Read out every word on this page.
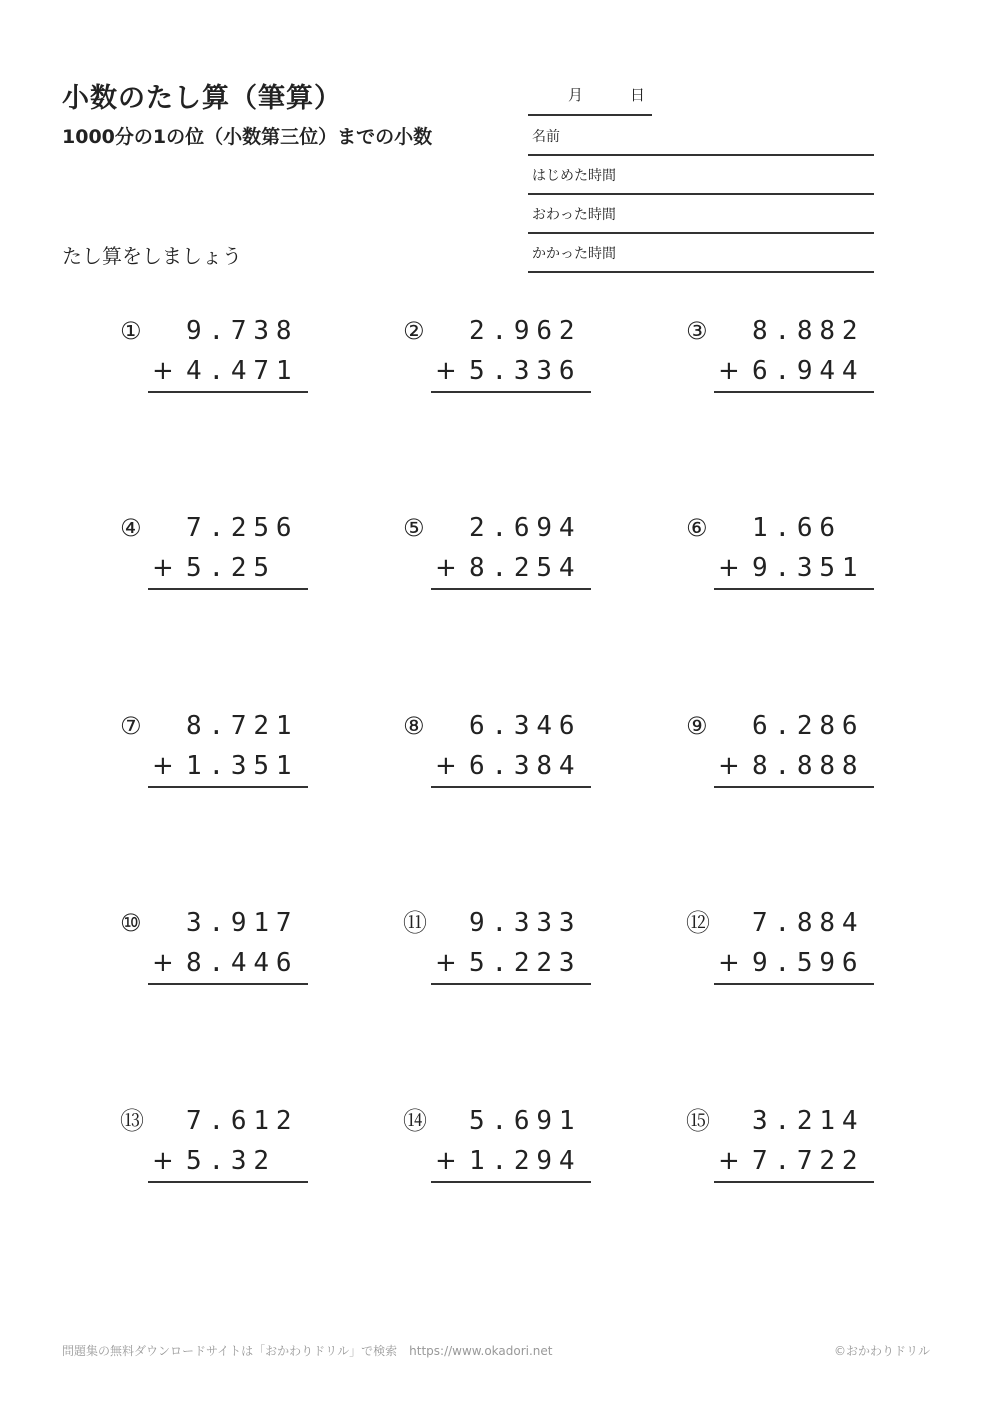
小数のたし算（筆算）
1000分の1の位（小数第三位）までの小数
たし算をしましょう
月	日
名前
はじめた時間
おわった時間
かかった時間
① 9.738
+ 4.471
② 2.962
+ 5.336
③ 8.882
+ 6.944
④ 7.256
+ 5.25
⑤ 2.694
+ 8.254
⑥ 1.66
+ 9.351
⑦ 8.721
+ 1.351
⑧ 6.346
+ 6.384
⑨ 6.286
+ 8.888
⑩ 3.917
+ 8.446
⑪ 9.333
+ 5.223
⑫ 7.884
+ 9.596
⑬ 7.612
+ 5.32
⑭ 5.691
+ 1.294
⑮ 3.214
+ 7.722
問題集の無料ダウンロードサイトは「おかわりドリル」で検索　https://www.okadori.net	©おかわりドリル
